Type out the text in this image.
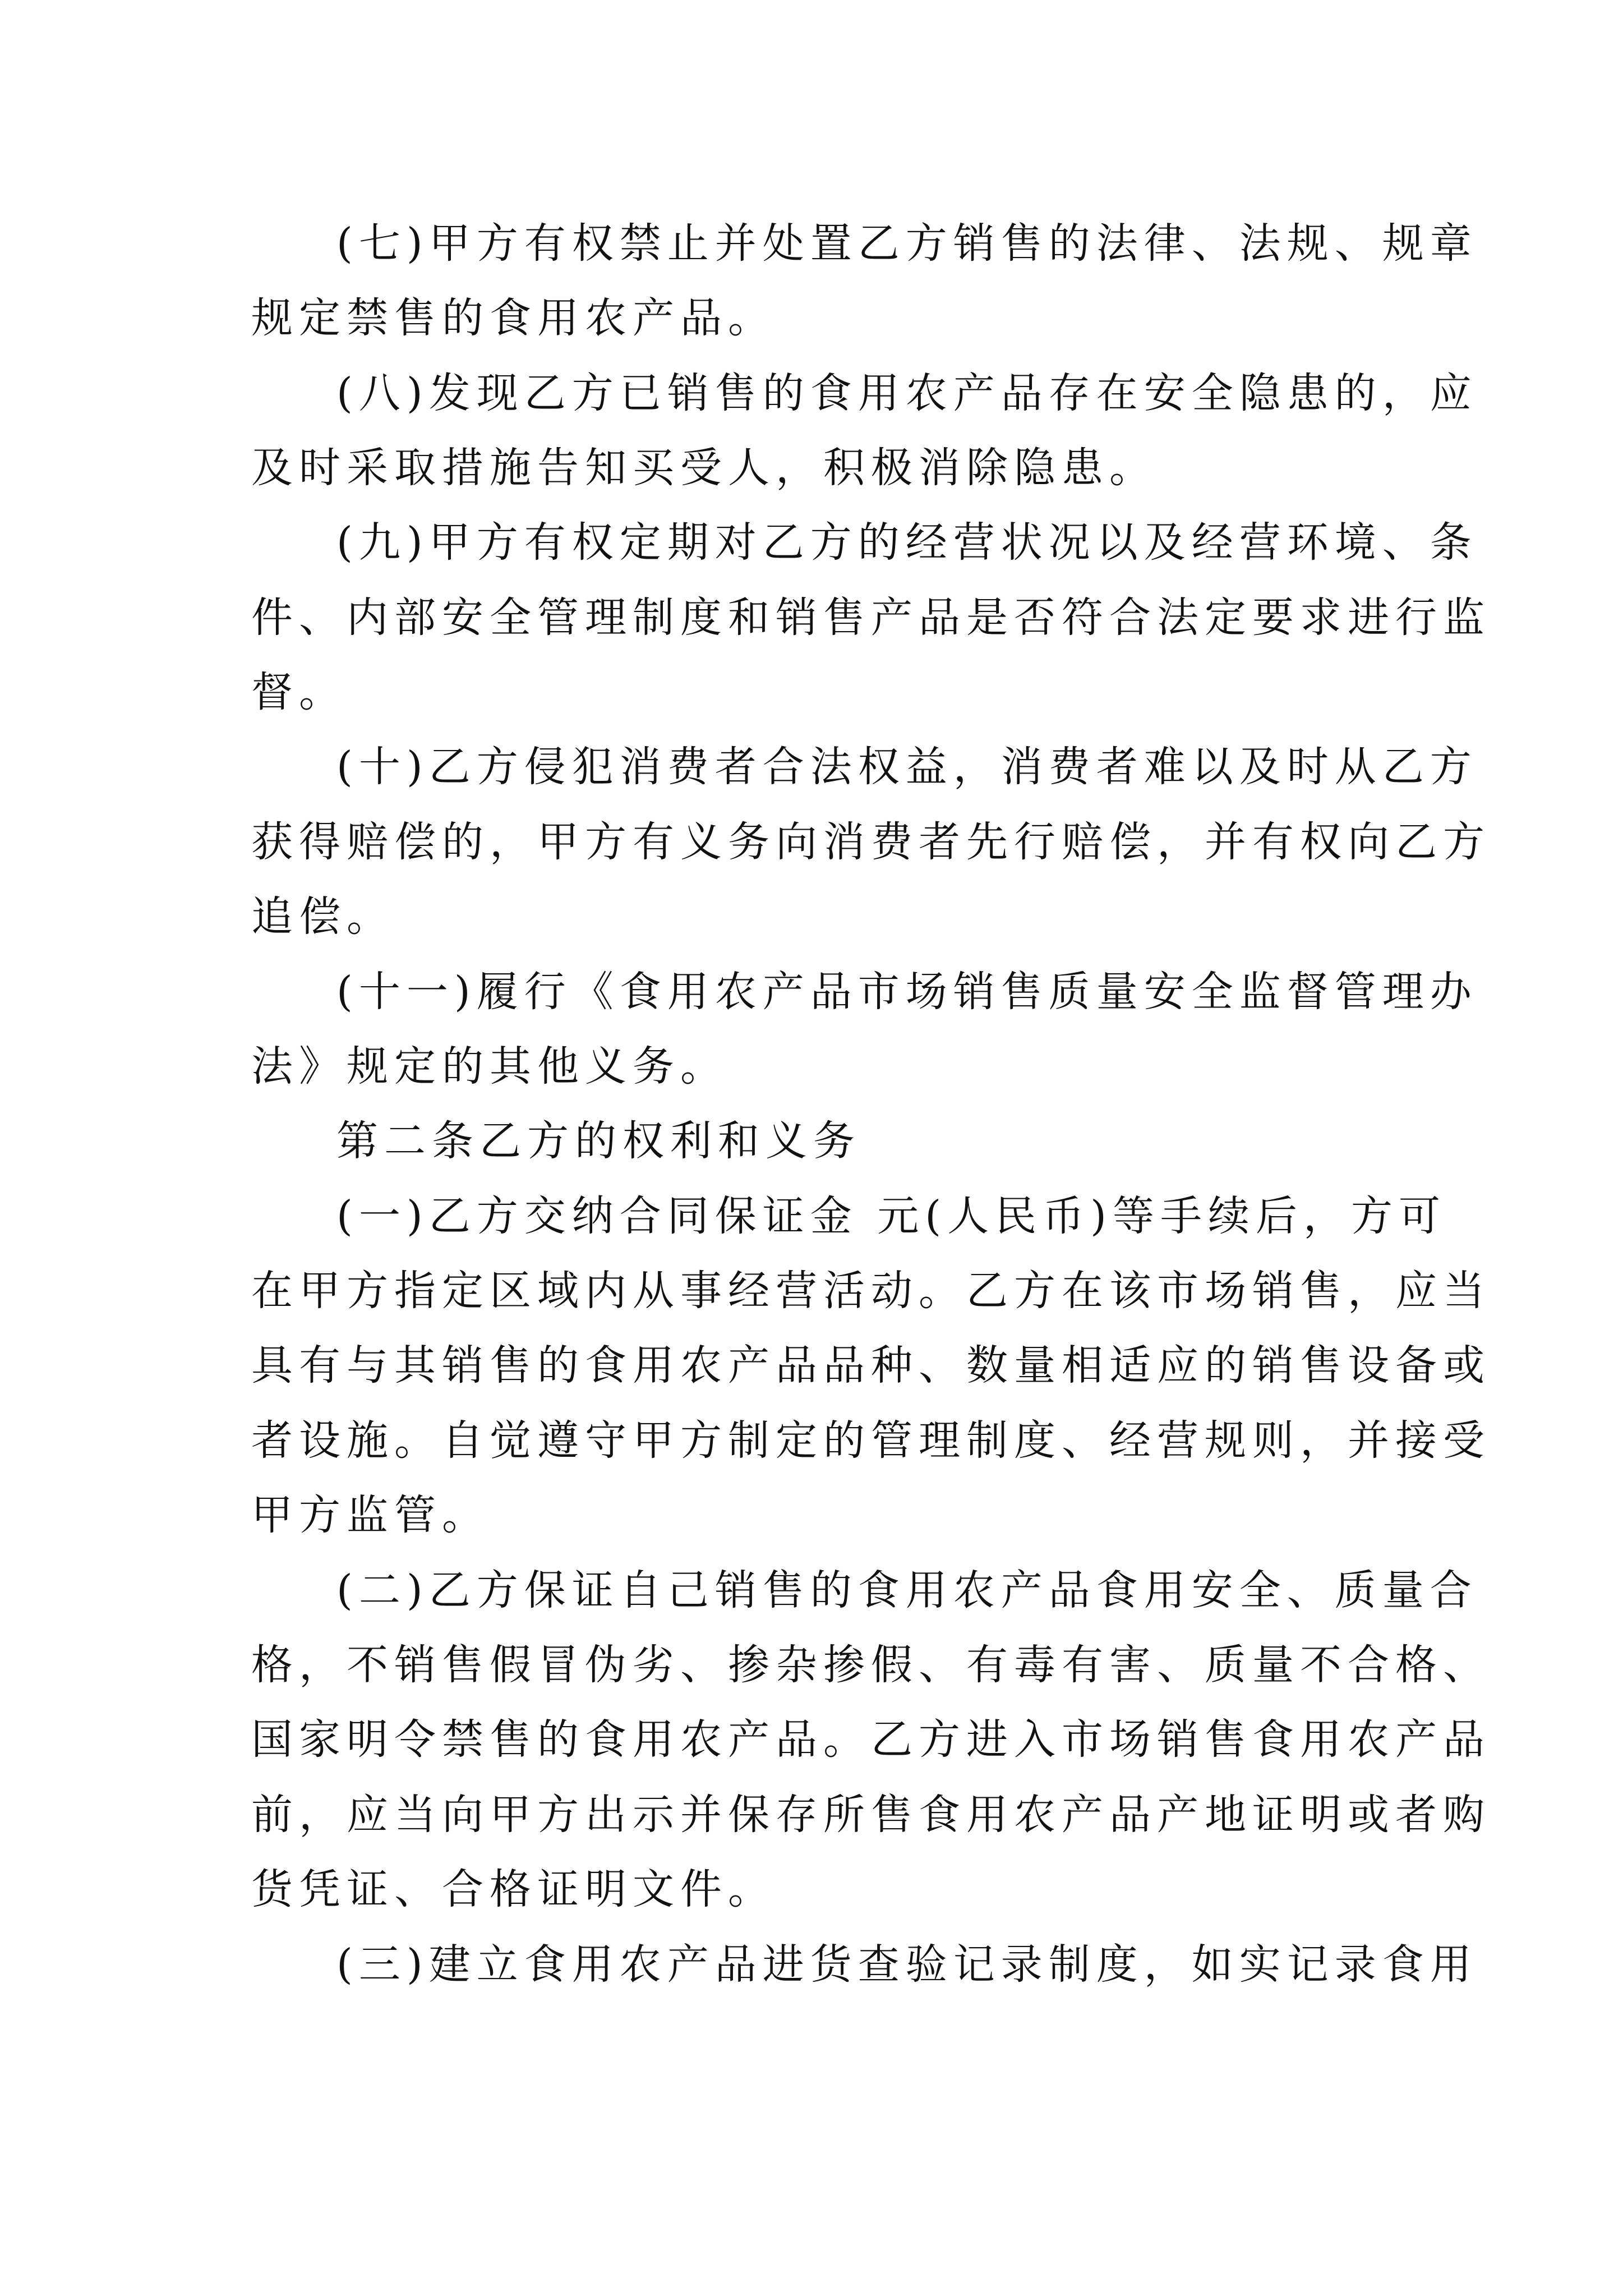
(七)甲方有权禁止并处置乙方销售的法律、法规、规章
规定禁售的食用农产品。
(八)发现乙方已销售的食用农产品存在安全隐患的，应
及时采取措施告知买受人，积极消除隐患。
(九)甲方有权定期对乙方的经营状况以及经营环境、条
件、内部安全管理制度和销售产品是否符合法定要求进行监
督。
(十)乙方侵犯消费者合法权益，消费者难以及时从乙方
获得赔偿的，甲方有义务向消费者先行赔偿，并有权向乙方
追偿。
(十一)履行《食用农产品市场销售质量安全监督管理办
法》规定的其他义务。
第二条乙方的权利和义务
(一)乙方交纳合同保证金 元(人民币)等手续后，方可
在甲方指定区域内从事经营活动。乙方在该市场销售，应当
具有与其销售的食用农产品品种、数量相适应的销售设备或
者设施。自觉遵守甲方制定的管理制度、经营规则，并接受
甲方监管。
(二)乙方保证自己销售的食用农产品食用安全、质量合
格，不销售假冒伪劣、掺杂掺假、有毒有害、质量不合格、
国家明令禁售的食用农产品。乙方进入市场销售食用农产品
前，应当向甲方出示并保存所售食用农产品产地证明或者购
货凭证、合格证明文件。
(三)建立食用农产品进货查验记录制度，如实记录食用
